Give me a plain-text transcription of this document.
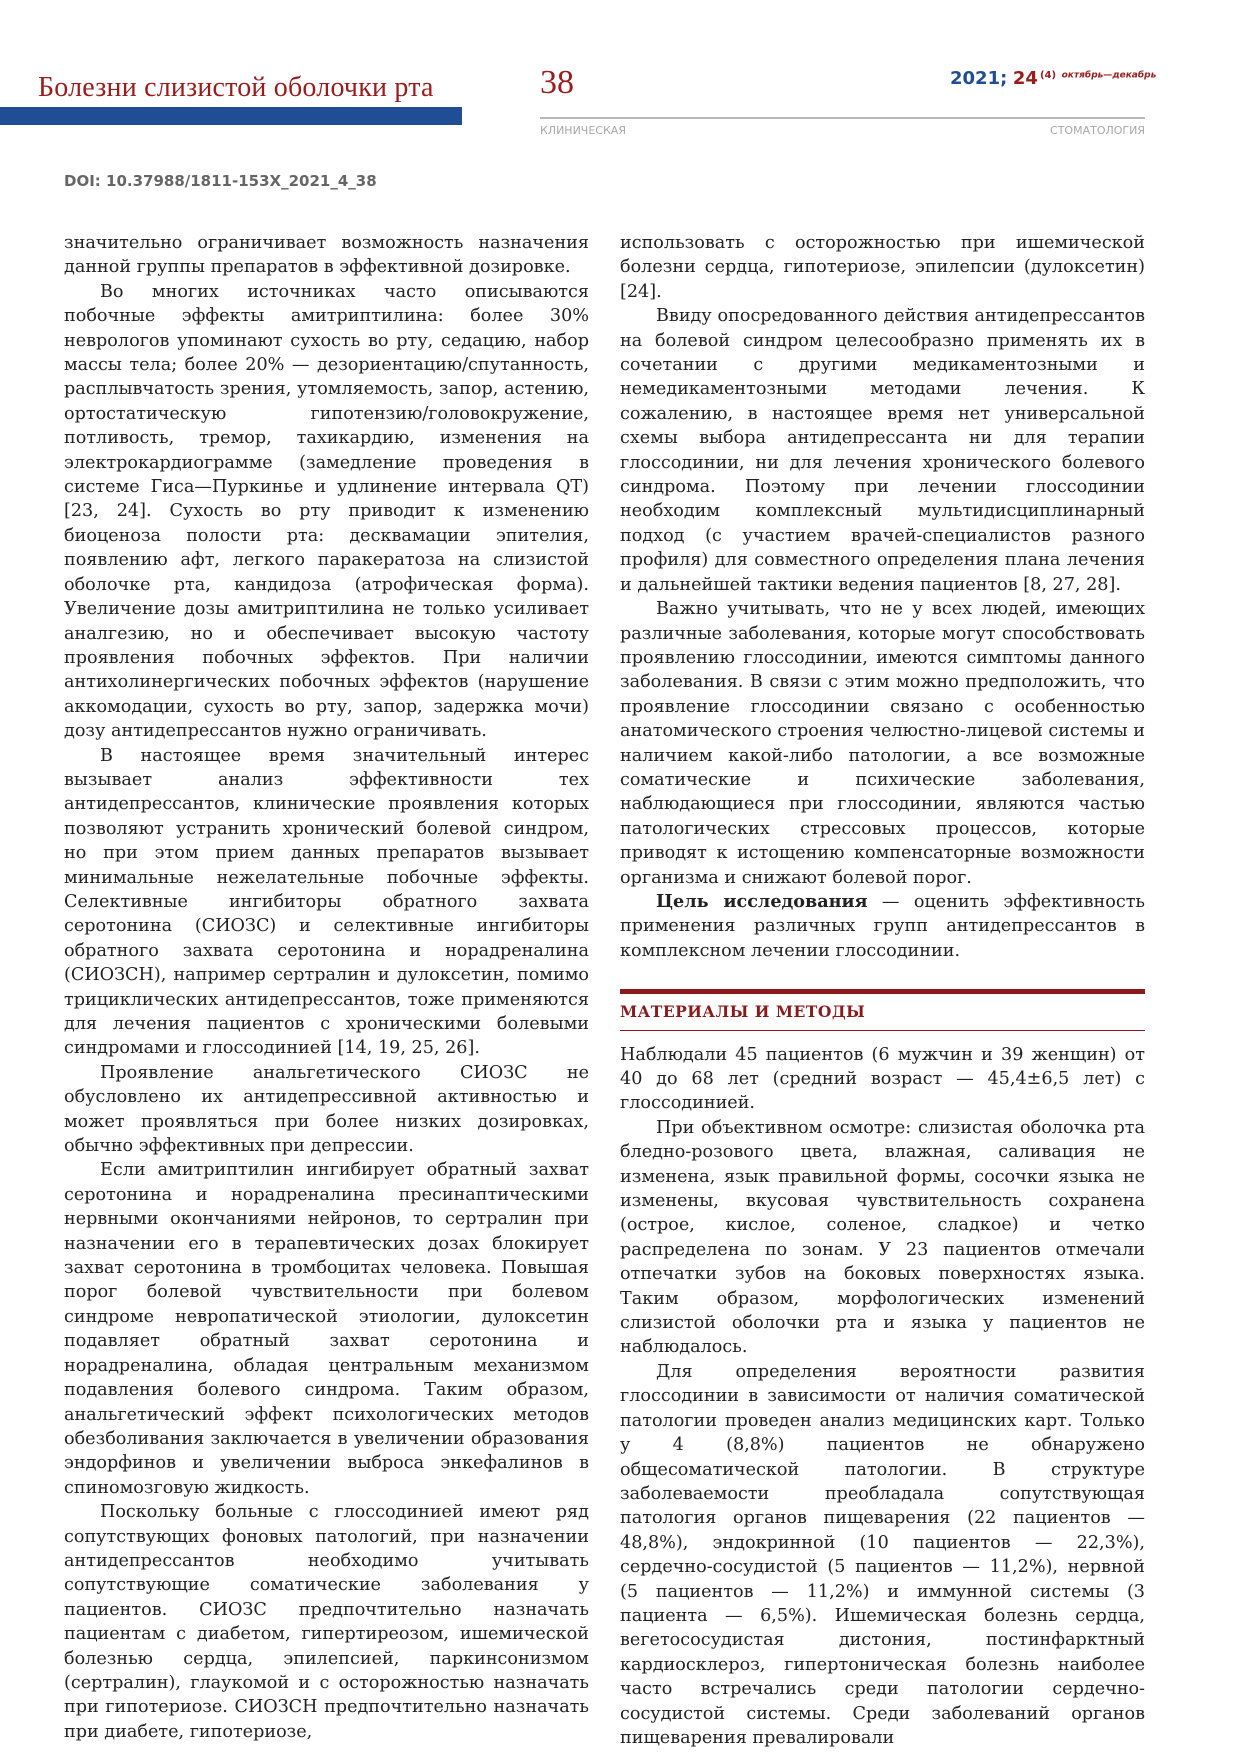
Болезни слизистой оболочки рта	38	2021; 24 $^{(4)}$ $^{октябрь—декабрь}$
КЛИНИЧЕСКАЯ	СТОМАТОЛОГИЯ
DOI: 10.37988/1811-153X_2021_4_38

значительно ограничивает возможность назначения данной группы препаратов в эффективной дозировке.

Во многих источниках часто описываются побочные эффекты амитриптилина: более 30% неврологов упоминают сухость во рту, седацию, набор массы тела; более 20% — дезориентацию/спутанность, расплывчатость зрения, утомляемость, запор, астению, ортостатическую гипотензию/головокружение, потливость, тремор, тахикардию, изменения на электрокардиограмме (замедление проведения в системе Гиса—Пуркинье и удлинение интервала QT) [23, 24]. Сухость во рту приводит к изменению биоценоза полости рта: десквамации эпителия, появлению афт, легкого паракератоза на слизистой оболочке рта, кандидоза (атрофическая форма). Увеличение дозы амитриптилина не только усиливает аналгезию, но и обеспечивает высокую частоту проявления побочных эффектов. При наличии антихолинергических побочных эффектов (нарушение аккомодации, сухость во рту, запор, задержка мочи) дозу антидепрессантов нужно ограничивать.

В настоящее время значительный интерес вызывает анализ эффективности тех антидепрессантов, клинические проявления которых позволяют устранить хронический болевой синдром, но при этом прием данных препаратов вызывает минимальные нежелательные побочные эффекты. Селективные ингибиторы обратного захвата серотонина (СИОЗС) и селективные ингибиторы обратного захвата серотонина и норадреналина (СИОЗСН), например сертралин и дулоксетин, помимо трициклических антидепрессантов, тоже применяются для лечения пациентов с хроническими болевыми синдромами и глоссодинией [14, 19, 25, 26].

Проявление анальгетического СИОЗС не обусловлено их антидепрессивной активностью и может проявляться при более низких дозировках, обычно эффективных при депрессии.

Если амитриптилин ингибирует обратный захват серотонина и норадреналина пресинаптическими нервными окончаниями нейронов, то сертралин при назначении его в терапевтических дозах блокирует захват серотонина в тромбоцитах человека. Повышая порог болевой чувствительности при болевом синдроме невропатической этиологии, дулоксетин подавляет обратный захват серотонина и норадреналина, обладая центральным механизмом подавления болевого синдрома. Таким образом, анальгетический эффект психологических методов обезболивания заключается в увеличении образования эндорфинов и увеличении выброса энкефалинов в спиномозговую жидкость.

Поскольку больные с глоссодинией имеют ряд сопутствующих фоновых патологий, при назначении антидепрессантов необходимо учитывать сопутствующие соматические заболевания у пациентов. СИОЗС предпочтительно назначать пациентам с диабетом, гипертиреозом, ишемической болезнью сердца, эпилепсией, паркинсонизмом (сертралин), глаукомой и с осторожностью назначать при гипотериозе. СИОЗСН предпочтительно назначать при диабете, гипотериозе,

использовать с осторожностью при ишемической болезни сердца, гипотериозе, эпилепсии (дулоксетин) [24].

Ввиду опосредованного действия антидепрессантов на болевой синдром целесообразно применять их в сочетании с другими медикаментозными и немедикаментозными методами лечения. К сожалению, в настоящее время нет универсальной схемы выбора антидепрессанта ни для терапии глоссодинии, ни для лечения хронического болевого синдрома. Поэтому при лечении глоссодинии необходим комплексный мультидисциплинарный подход (с участием врачей-специалистов разного профиля) для совместного определения плана лечения и дальнейшей тактики ведения пациентов [8, 27, 28].

Важно учитывать, что не у всех людей, имеющих различные заболевания, которые могут способствовать проявлению глоссодинии, имеются симптомы данного заболевания. В связи с этим можно предположить, что проявление глоссодинии связано с особенностью анатомического строения челюстно-лицевой системы и наличием какой-либо патологии, а все возможные соматические и психические заболевания, наблюдающиеся при глоссодинии, являются частью патологических стрессовых процессов, которые приводят к истощению компенсаторные возможности организма и снижают болевой порог.

Цель исследования — оценить эффективность применения различных групп антидепрессантов в комплексном лечении глоссодинии.

МАТЕРИАЛЫ И МЕТОДЫ

Наблюдали 45 пациентов (6 мужчин и 39 женщин) от 40 до 68 лет (средний возраст — 45,4±6,5 лет) с глоссодинией.

При объективном осмотре: слизистая оболочка рта бледно-розового цвета, влажная, саливация не изменена, язык правильной формы, сосочки языка не изменены, вкусовая чувствительность сохранена (острое, кислое, соленое, сладкое) и четко распределена по зонам. У 23 пациентов отмечали отпечатки зубов на боковых поверхностях языка. Таким образом, морфологических изменений слизистой оболочки рта и языка у пациентов не наблюдалось.

Для определения вероятности развития глоссодинии в зависимости от наличия соматической патологии проведен анализ медицинских карт. Только у 4 (8,8%) пациентов не обнаружено общесоматической патологии. В структуре заболеваемости преобладала сопутствующая патология органов пищеварения (22 пациентов — 48,8%), эндокринной (10 пациентов — 22,3%), сердечно-сосудистой (5 пациентов — 11,2%), нервной (5 пациентов — 11,2%) и иммунной системы (3 пациента — 6,5%). Ишемическая болезнь сердца, вегетососудистая дистония, постинфарктный кардиосклероз, гипертоническая болезнь наиболее часто встречались среди патологии сердечно-сосудистой системы. Среди заболеваний органов пищеварения превалировали
